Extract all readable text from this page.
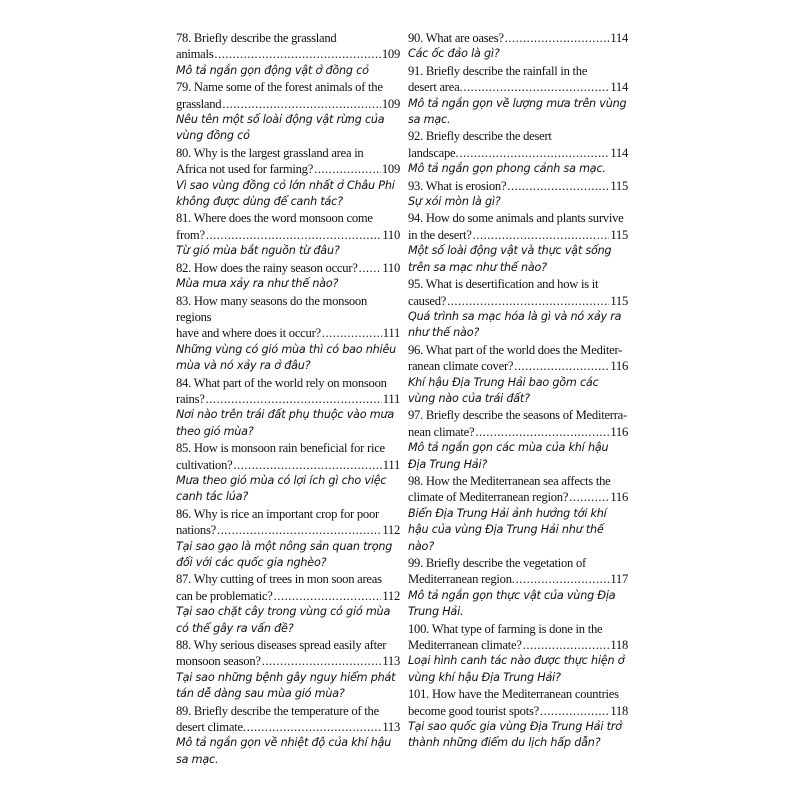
78. Briefly describe the grassland
animals .....	109
Mô tả ngắn gọn động vật ở đồng cỏ
79. Name some of the forest animals of the
grassland .....	109
Nêu tên một số loài động vật rừng của vùng đồng cỏ
80. Why is the largest grassland area in
Africa not used for farming? .....	109
Vì sao vùng đồng cỏ lớn nhất ở Châu Phi không được dùng để canh tác?
81. Where does the word monsoon come
from? .....	110
Từ gió mùa bắt nguồn từ đâu?
82. How does the rainy season occur? ..... 110
Mùa mưa xảy ra như thế nào?
83. How many seasons do the monsoon regions
have and where does it occur? .....	111
Những vùng có gió mùa thì có bao nhiêu mùa và nó xảy ra ở đâu?
84. What part of the world rely on monsoon
rains? .....	111
Nơi nào trên trái đất phụ thuộc vào mưa theo gió mùa?
85. How is monsoon rain beneficial for rice
cultivation? .....	111
Mưa theo gió mùa có lợi ích gì cho việc canh tác lúa?
86. Why is rice an important crop for poor
nations? .....	112
Tại sao gạo là một nông sản quan trọng đối với các quốc gia nghèo?
87. Why cutting of trees in mon soon areas
can be problematic? .....	112
Tại sao chặt cây trong vùng có gió mùa có thể gây ra vấn đề?
88. Why serious diseases spread easily after
monsoon season? .....	113
Tại sao những bệnh gây nguy hiểm phát tán dễ dàng sau mùa gió mùa?
89. Briefly describe the temperature of the
desert climate. .....	113
Mô tả ngắn gọn về nhiệt độ của khí hậu sa mạc.
90. What are oases? .....	114
Các ốc đảo là gì?
91. Briefly describe the rainfall in the
desert area. .....	114
Mô tả ngắn gọn về lượng mưa trên vùng sa mạc.
92. Briefly describe the desert
landscape. .....	114
Mô tả ngắn gọn phong cảnh sa mạc.
93. What is erosion? .....	115
Sự xói mòn là gì?
94. How do some animals and plants survive
in the desert? .....	115
Một số loài động vật và thực vật sống trên sa mạc như thế nào?
95. What is desertification and how is it
caused? .....	115
Quá trình sa mạc hóa là gì và nó xảy ra như thế nào?
96. What part of the world does the Mediter-
ranean climate cover? .....	116
Khí hậu Địa Trung Hải bao gồm các vùng nào của trái đất?
97. Briefly describe the seasons of Mediterra-
nean climate? .....	116
Mô tả ngắn gọn các mùa của khí hậu Địa Trung Hải?
98. How the Mediterranean sea affects the
climate of Mediterranean region? .....	116
Biển Địa Trung Hải ảnh hưởng tới khí hậu của vùng Địa Trung Hải như thế nào?
99. Briefly describe the vegetation of
Mediterranean region. .....	117
Mô tả ngắn gọn thực vật của vùng Địa Trung Hải.
100. What type of farming is done in the
Mediterranean climate? .....	118
Loại hình canh tác nào được thực hiện ở vùng khí hậu Địa Trung Hải?
101. How have the Mediterranean countries
become good tourist spots? .....	118
Tại sao quốc gia vùng Địa Trung Hải trở thành những điểm du lịch hấp dẫn?
